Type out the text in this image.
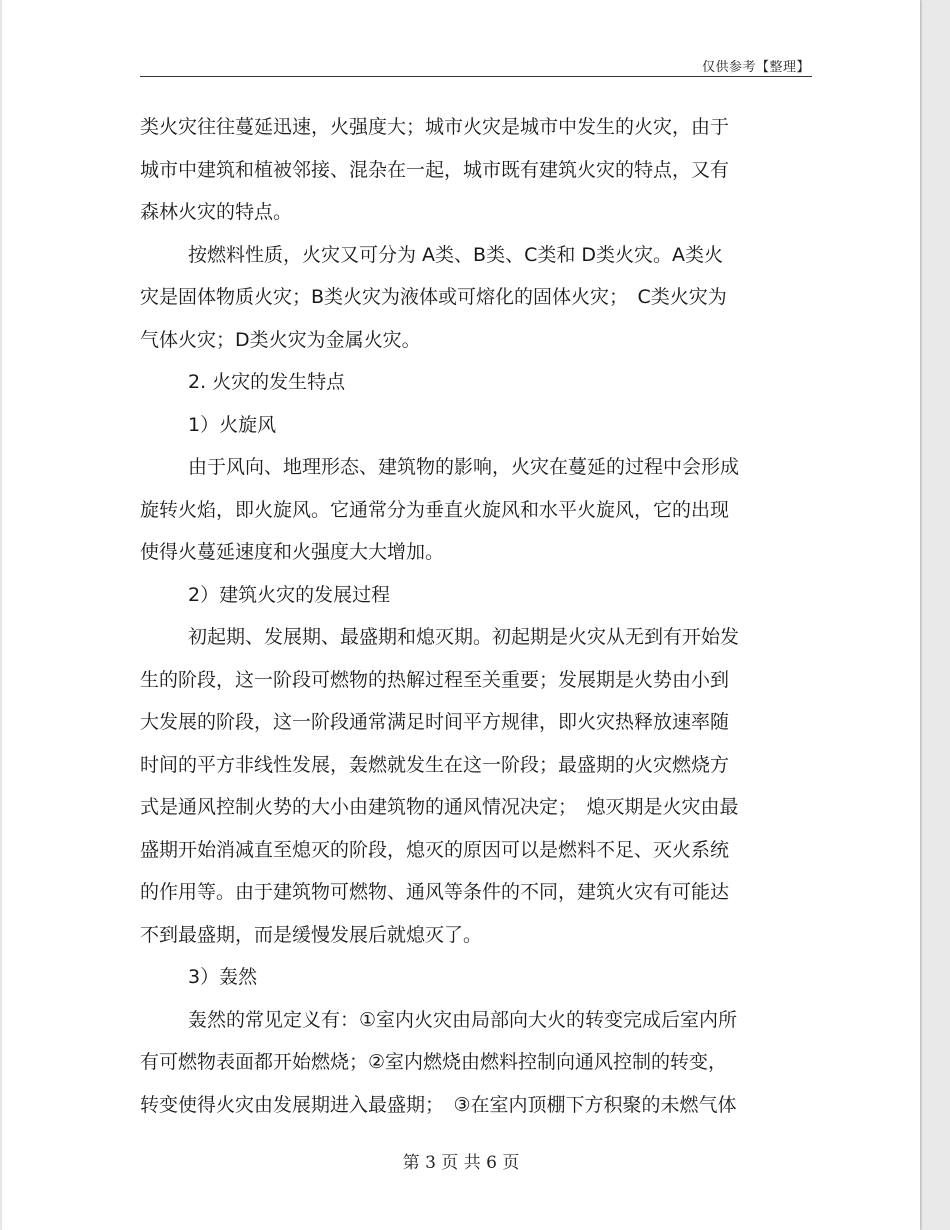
仅供参考【整理】
类火灾往往蔓延迅速，火强度大；城市火灾是城市中发生的火灾，由于
城市中建筑和植被邻接、混杂在一起，城市既有建筑火灾的特点，又有
森林火灾的特点。
按燃料性质，火灾又可分为 A类、B类、C类和 D类火灾。A类火
灾是固体物质火灾；B类火灾为液体或可熔化的固体火灾；　C类火灾为
气体火灾；D类火灾为金属火灾。
2. 火灾的发生特点
1）火旋风
由于风向、地理形态、建筑物的影响，火灾在蔓延的过程中会形成
旋转火焰，即火旋风。它通常分为垂直火旋风和水平火旋风，它的出现
使得火蔓延速度和火强度大大增加。
2）建筑火灾的发展过程
初起期、发展期、最盛期和熄灭期。初起期是火灾从无到有开始发
生的阶段，这一阶段可燃物的热解过程至关重要；发展期是火势由小到
大发展的阶段，这一阶段通常满足时间平方规律，即火灾热释放速率随
时间的平方非线性发展，轰燃就发生在这一阶段；最盛期的火灾燃烧方
式是通风控制火势的大小由建筑物的通风情况决定；　熄灭期是火灾由最
盛期开始消减直至熄灭的阶段，熄灭的原因可以是燃料不足、灭火系统
的作用等。由于建筑物可燃物、通风等条件的不同，建筑火灾有可能达
不到最盛期，而是缓慢发展后就熄灭了。
3）轰然
轰然的常见定义有：①室内火灾由局部向大火的转变完成后室内所
有可燃物表面都开始燃烧；②室内燃烧由燃料控制向通风控制的转变，
转变使得火灾由发展期进入最盛期；　③在室内顶棚下方积聚的未燃气体
第 3 页 共 6 页
